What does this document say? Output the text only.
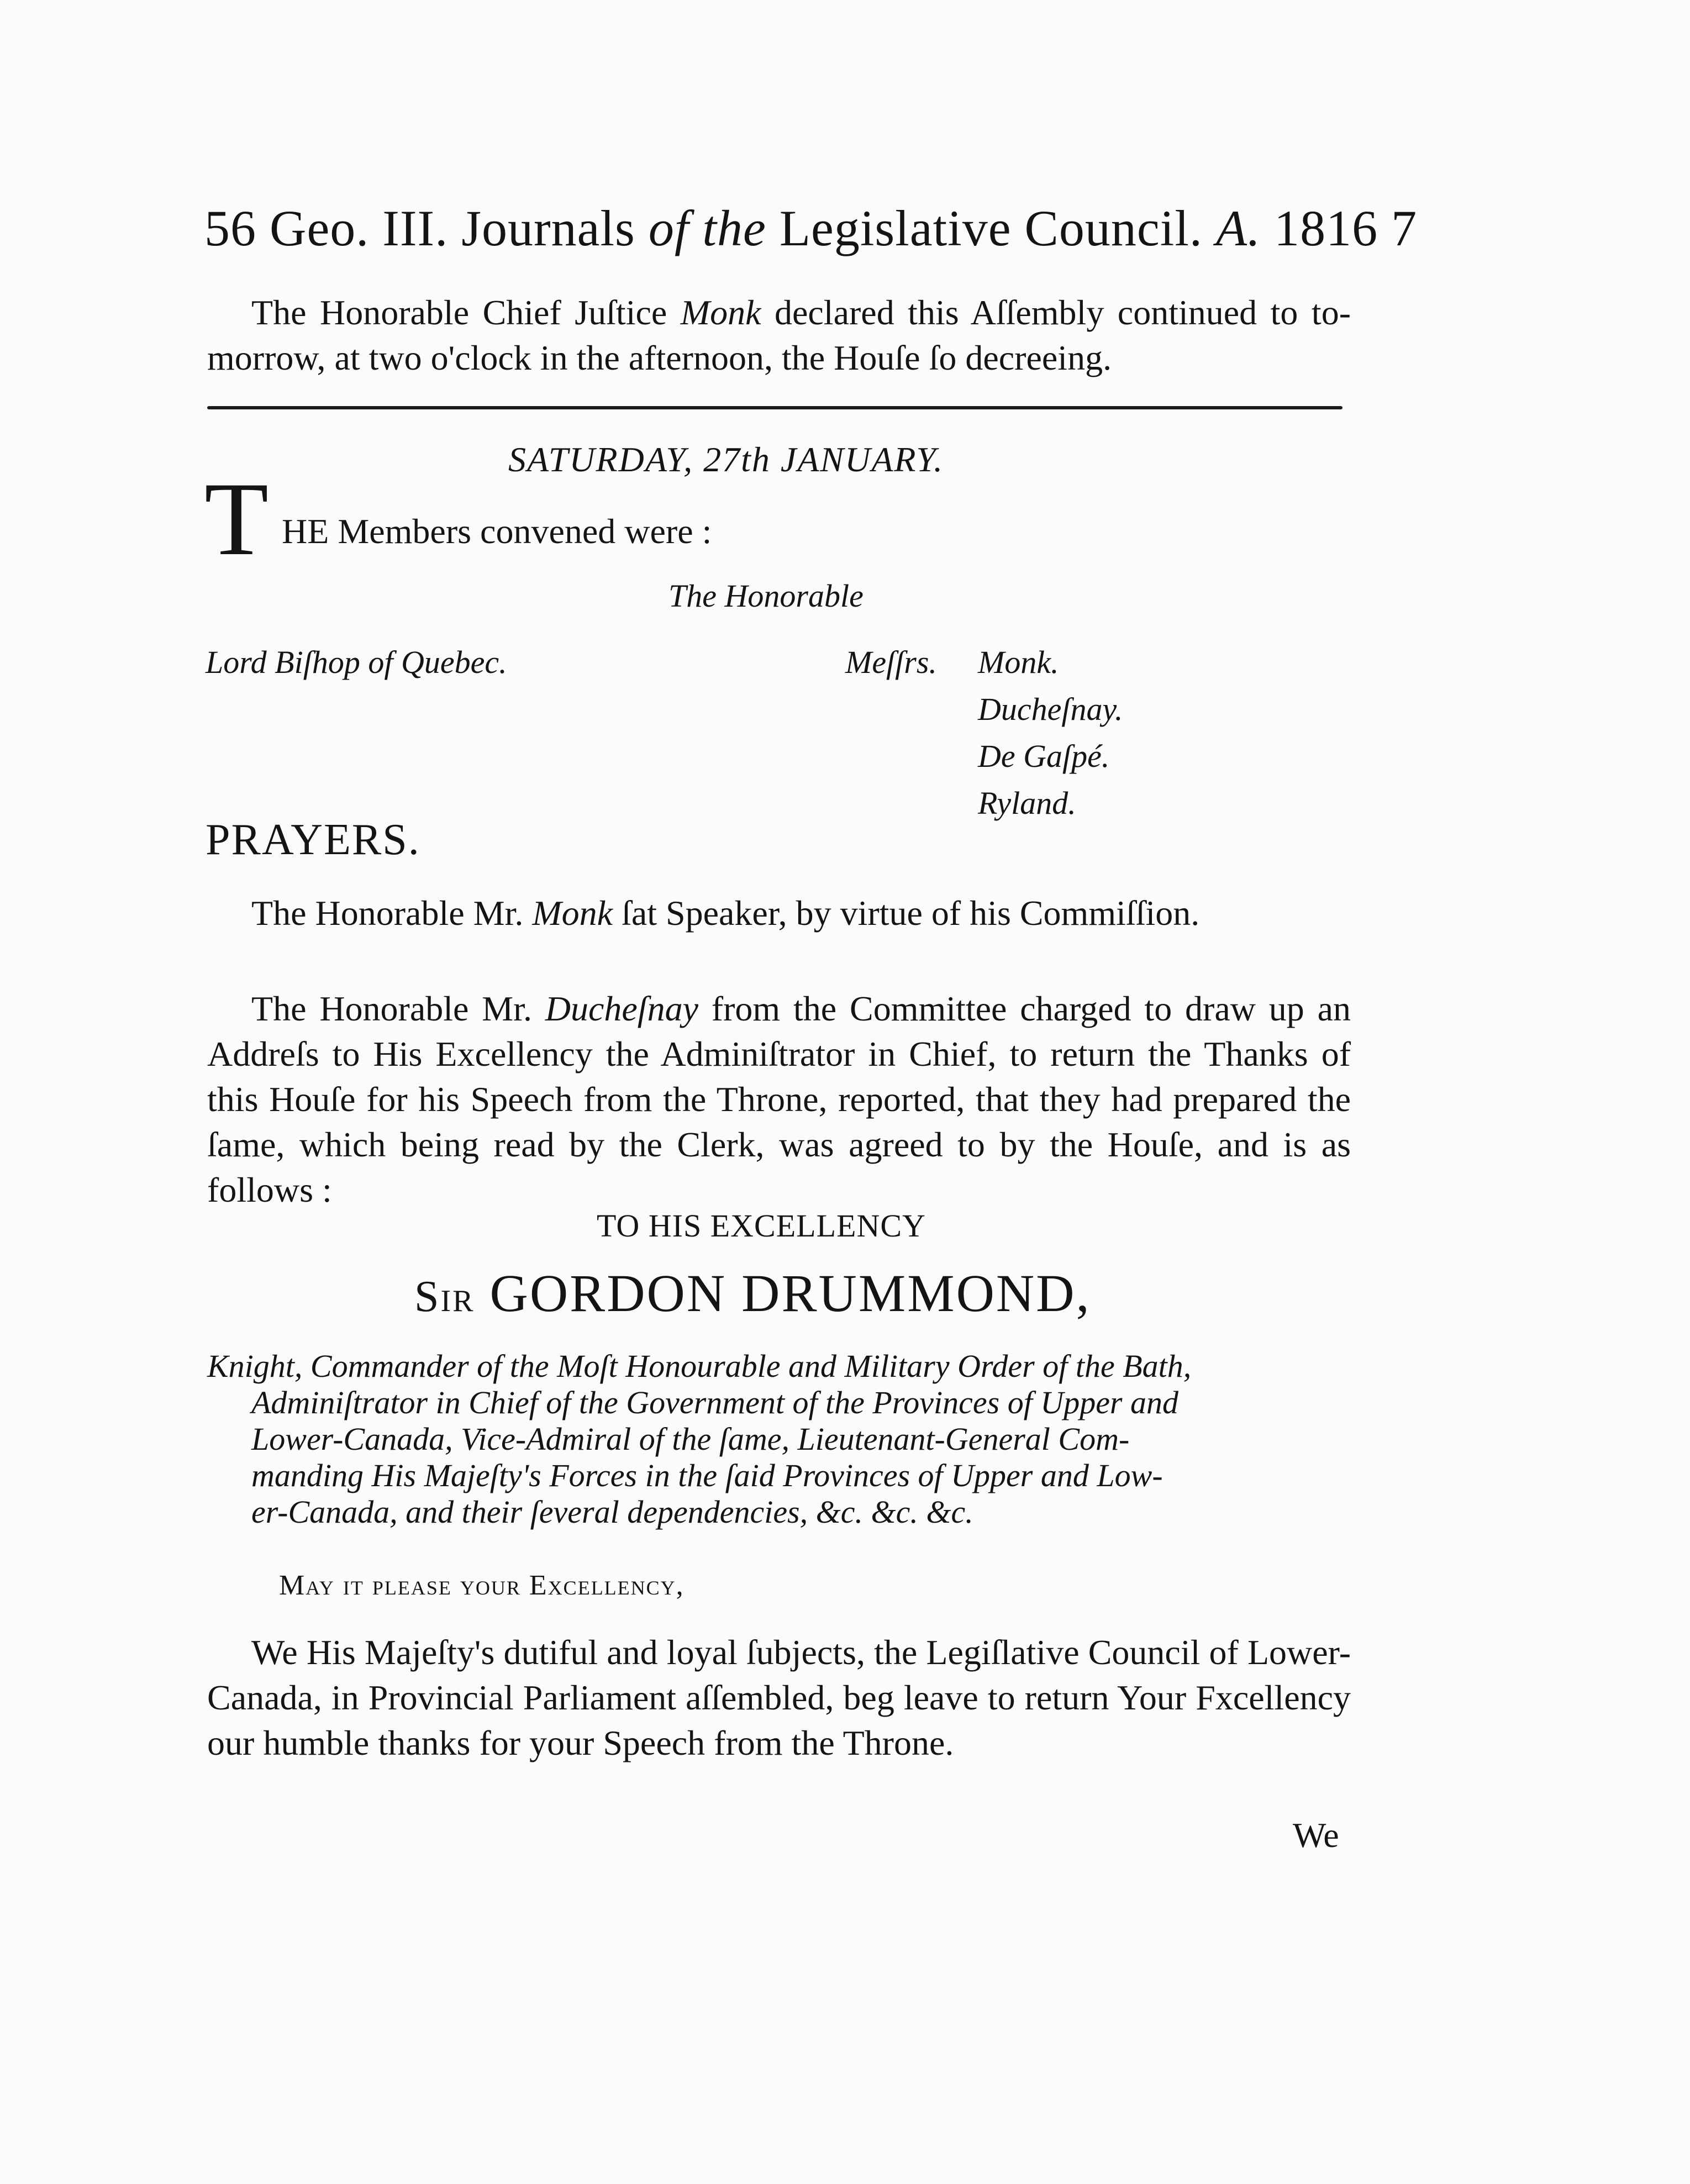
56 Geo. III. Journals of the Legislative Council. A. 1816 7

The Honorable Chief Juſtice Monk declared this Aſſembly continued to to-morrow, at two o'clock in the afternoon, the Houſe ſo decreeing.

SATURDAY, 27th JANUARY.
T HE Members convened were :
The Honorable
Lord Biſhop of Quebec.	Meſſrs. Monk.
Ducheſnay.
De Gaſpé.
Ryland.
PRAYERS.

The Honorable Mr. Monk ſat Speaker, by virtue of his Commiſſion.

The Honorable Mr. Ducheſnay from the Committee charged to draw up an Addreſs to His Excellency the Adminiſtrator in Chief, to return the Thanks of this Houſe for his Speech from the Throne, reported, that they had prepared the ſame, which being read by the Clerk, was agreed to by the Houſe, and is as follows :

TO HIS EXCELLENCY
Sir GORDON DRUMMOND,
Knight, Commander of the Moſt Honourable and Military Order of the Bath,
Adminiſtrator in Chief of the Government of the Provinces of Upper and
Lower-Canada, Vice-Admiral of the ſame, Lieutenant-General Com-
manding His Majeſty's Forces in the ſaid Provinces of Upper and Low-
er-Canada, and their ſeveral dependencies, &c. &c. &c.
May it please your Excellency,

We His Majeſty's dutiful and loyal ſubjects, the Legiſlative Council of Lower-Canada, in Provincial Parliament aſſembled, beg leave to return Your Fxcellency our humble thanks for your Speech from the Throne.

We
